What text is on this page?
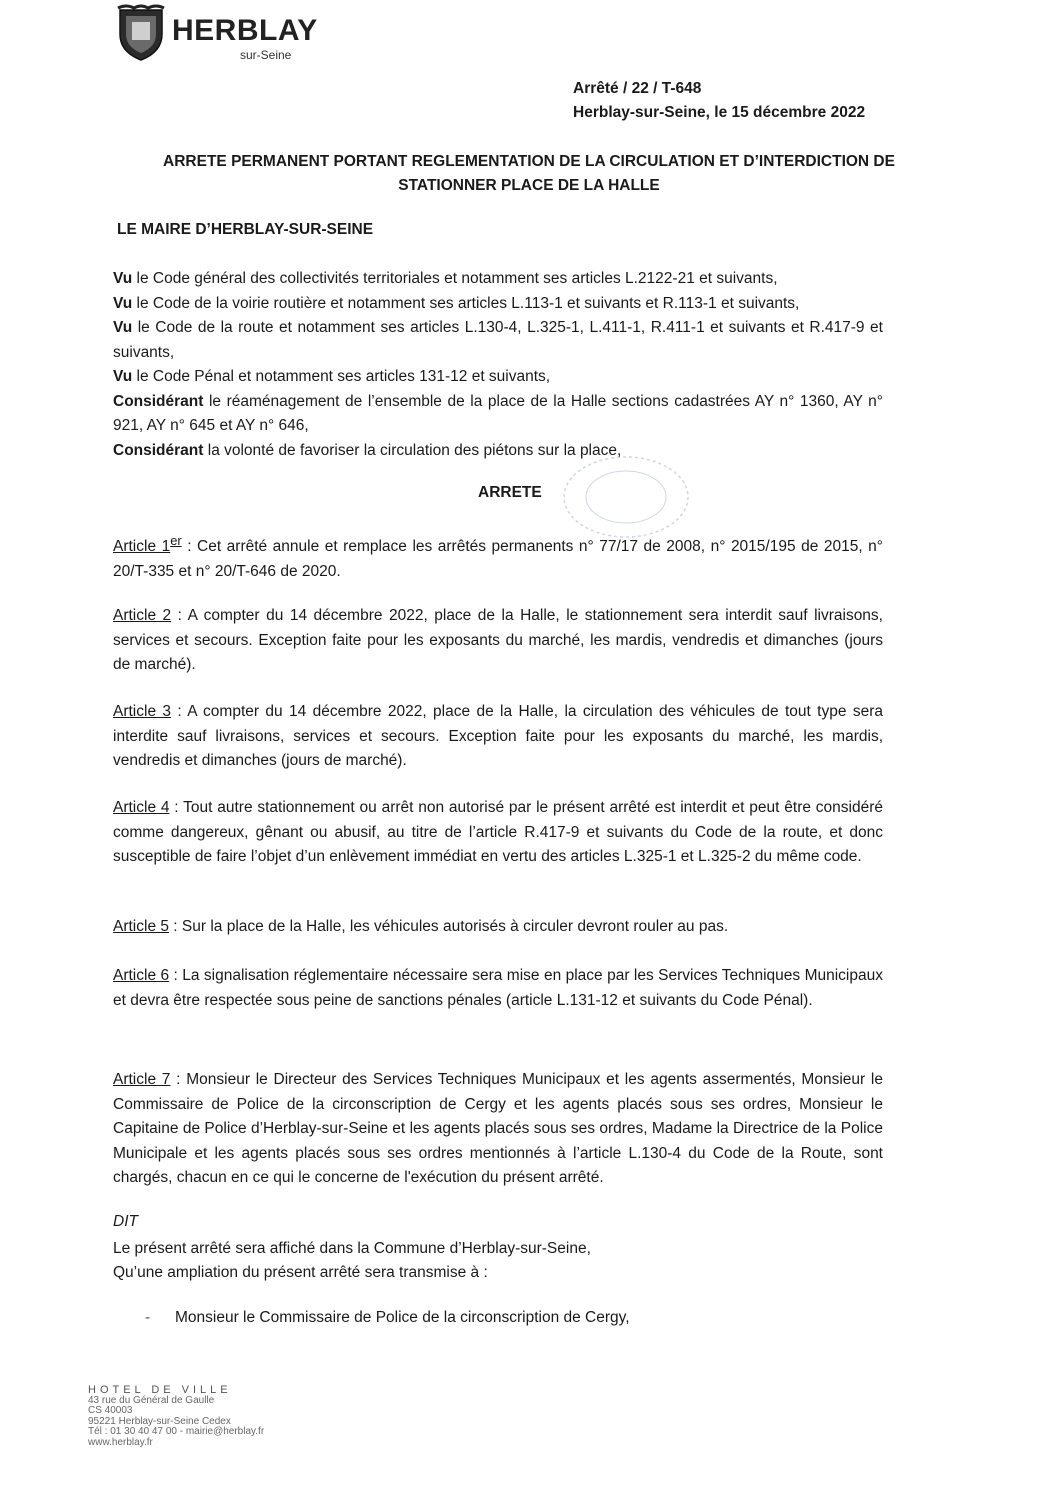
HERBLAY
sur-Seine
Arrêté / 22 / T-648
Herblay-sur-Seine, le 15 décembre 2022
ARRETE PERMANENT PORTANT REGLEMENTATION DE LA CIRCULATION ET D’INTERDICTION DE
STATIONNER PLACE DE LA HALLE
LE MAIRE D’HERBLAY-SUR-SEINE

Vu le Code général des collectivités territoriales et notamment ses articles L.2122-21 et suivants,

Vu le Code de la voirie routière et notamment ses articles L.113-1 et suivants et R.113-1 et suivants,

Vu le Code de la route et notamment ses articles L.130-4, L.325-1, L.411-1, R.411-1 et suivants et R.417-9 et suivants,

Vu le Code Pénal et notamment ses articles 131-12 et suivants,

Considérant le réaménagement de l’ensemble de la place de la Halle sections cadastrées AY n° 1360, AY n° 921, AY n° 645 et AY n° 646,

Considérant la volonté de favoriser la circulation des piétons sur la place,

ARRETE

Article 1er : Cet arrêté annule et remplace les arrêtés permanents n° 77/17 de 2008, n° 2015/195 de 2015, n° 20/T-335 et n° 20/T-646 de 2020.

Article 2 : A compter du 14 décembre 2022, place de la Halle, le stationnement sera interdit sauf livraisons, services et secours. Exception faite pour les exposants du marché, les mardis, vendredis et dimanches (jours de marché).

Article 3 : A compter du 14 décembre 2022, place de la Halle, la circulation des véhicules de tout type sera interdite sauf livraisons, services et secours. Exception faite pour les exposants du marché, les mardis, vendredis et dimanches (jours de marché).

Article 4 : Tout autre stationnement ou arrêt non autorisé par le présent arrêté est interdit et peut être considéré comme dangereux, gênant ou abusif, au titre de l’article R.417-9 et suivants du Code de la route, et donc susceptible de faire l’objet d’un enlèvement immédiat en vertu des articles L.325-1 et L.325-2 du même code.

Article 5 : Sur la place de la Halle, les véhicules autorisés à circuler devront rouler au pas.

Article 6 : La signalisation réglementaire nécessaire sera mise en place par les Services Techniques Municipaux et devra être respectée sous peine de sanctions pénales (article L.131-12 et suivants du Code Pénal).

Article 7 : Monsieur le Directeur des Services Techniques Municipaux et les agents assermentés, Monsieur le Commissaire de Police de la circonscription de Cergy et les agents placés sous ses ordres, Monsieur le Capitaine de Police d’Herblay-sur-Seine et les agents placés sous ses ordres, Madame la Directrice de la Police Municipale et les agents placés sous ses ordres mentionnés à l’article L.130-4 du Code de la Route, sont chargés, chacun en ce qui le concerne de l'exécution du présent arrêté.

DIT
Le présent arrêté sera affiché dans la Commune d’Herblay-sur-Seine,
Qu’une ampliation du présent arrêté sera transmise à :
- Monsieur le Commissaire de Police de la circonscription de Cergy,
HOTEL DE VILLE
43 rue du Général de Gaulle
CS 40003
95221 Herblay-sur-Seine Cedex
Tél : 01 30 40 47 00 - mairie@herblay.fr
www.herblay.fr
